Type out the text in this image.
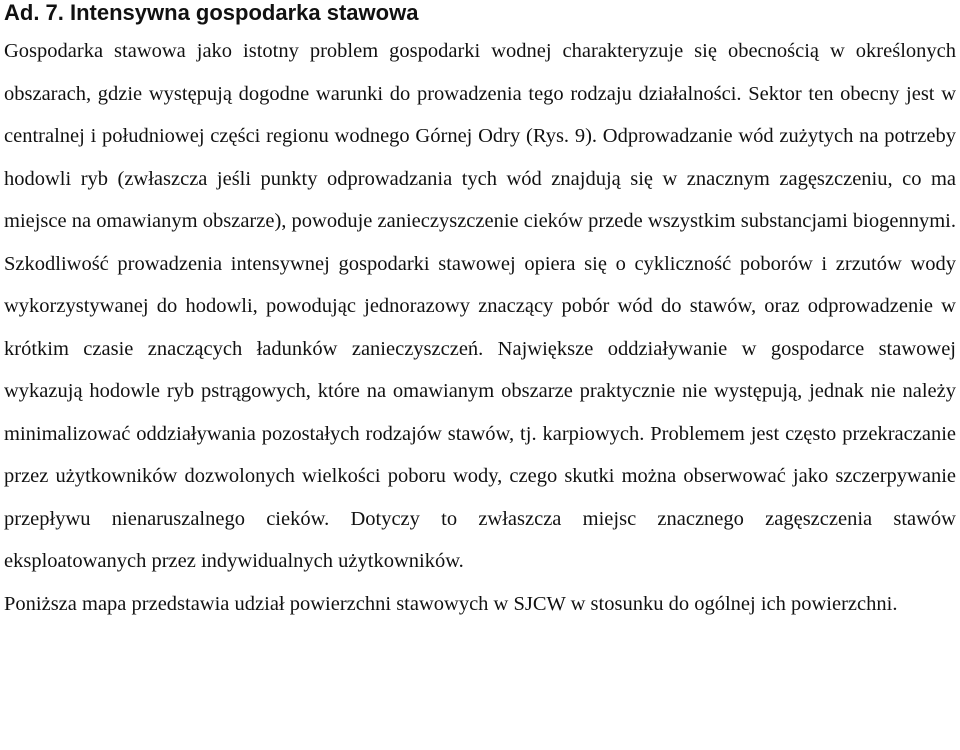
Ad. 7. Intensywna gospodarka stawowa

Gospodarka stawowa jako istotny problem gospodarki wodnej charakteryzuje się obecnością w określonych obszarach, gdzie występują dogodne warunki do prowadzenia tego rodzaju działalności. Sektor ten obecny jest w centralnej i południowej części regionu wodnego Górnej Odry (Rys. 9). Odprowadzanie wód zużytych na potrzeby hodowli ryb (zwłaszcza jeśli punkty odprowadzania tych wód znajdują się w znacznym zagęszczeniu, co ma miejsce na omawianym obszarze), powoduje zanieczyszczenie cieków przede wszystkim substancjami biogennymi. Szkodliwość prowadzenia intensywnej gospodarki stawowej opiera się o cykliczność poborów i zrzutów wody wykorzystywanej do hodowli, powodując jednorazowy znaczący pobór wód do stawów, oraz odprowadzenie w krótkim czasie znaczących ładunków zanieczyszczeń. Największe oddziaływanie w gospodarce stawowej wykazują hodowle ryb pstrągowych, które na omawianym obszarze praktycznie nie występują, jednak nie należy minimalizować oddziaływania pozostałych rodzajów stawów, tj. karpiowych. Problemem jest często przekraczanie przez użytkowników dozwolonych wielkości poboru wody, czego skutki można obserwować jako szczerpywanie przepływu nienaruszalnego cieków. Dotyczy to zwłaszcza miejsc znacznego zagęszczenia stawów eksploatowanych przez indywidualnych użytkowników.

Poniższa mapa przedstawia udział powierzchni stawowych w SJCW w stosunku do ogólnej ich powierzchni.
